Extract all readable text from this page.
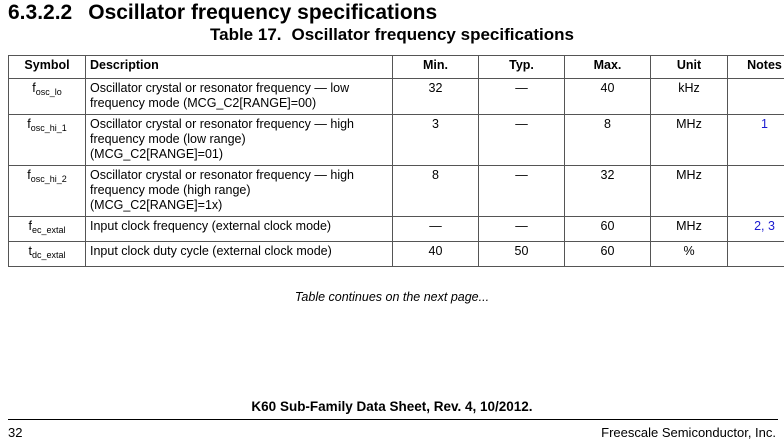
6.3.2.2 Oscillator frequency specifications
Table 17. Oscillator frequency specifications
Symbol	Description	Min.	Typ.	Max.	Unit	Notes
$f_{osc\_lo}$	Oscillator crystal or resonator frequency — low
frequency mode (MCG_C2[RANGE]=00)	32	—	40	kHz	
$f_{osc\_hi\_1}$	Oscillator crystal or resonator frequency — high
frequency mode (low range)
(MCG_C2[RANGE]=01)	3	—	8	MHz	1
$f_{osc\_hi\_2}$	Oscillator crystal or resonator frequency — high
frequency mode (high range)
(MCG_C2[RANGE]=1x)	8	—	32	MHz	
$f_{ec\_extal}$	Input clock frequency (external clock mode)	—	—	60	MHz	2, 3
$t_{dc\_extal}$	Input clock duty cycle (external clock mode)	40	50	60	%	
Table continues on the next page...
K60 Sub-Family Data Sheet, Rev. 4, 10/2012.
32	Freescale Semiconductor, Inc.
